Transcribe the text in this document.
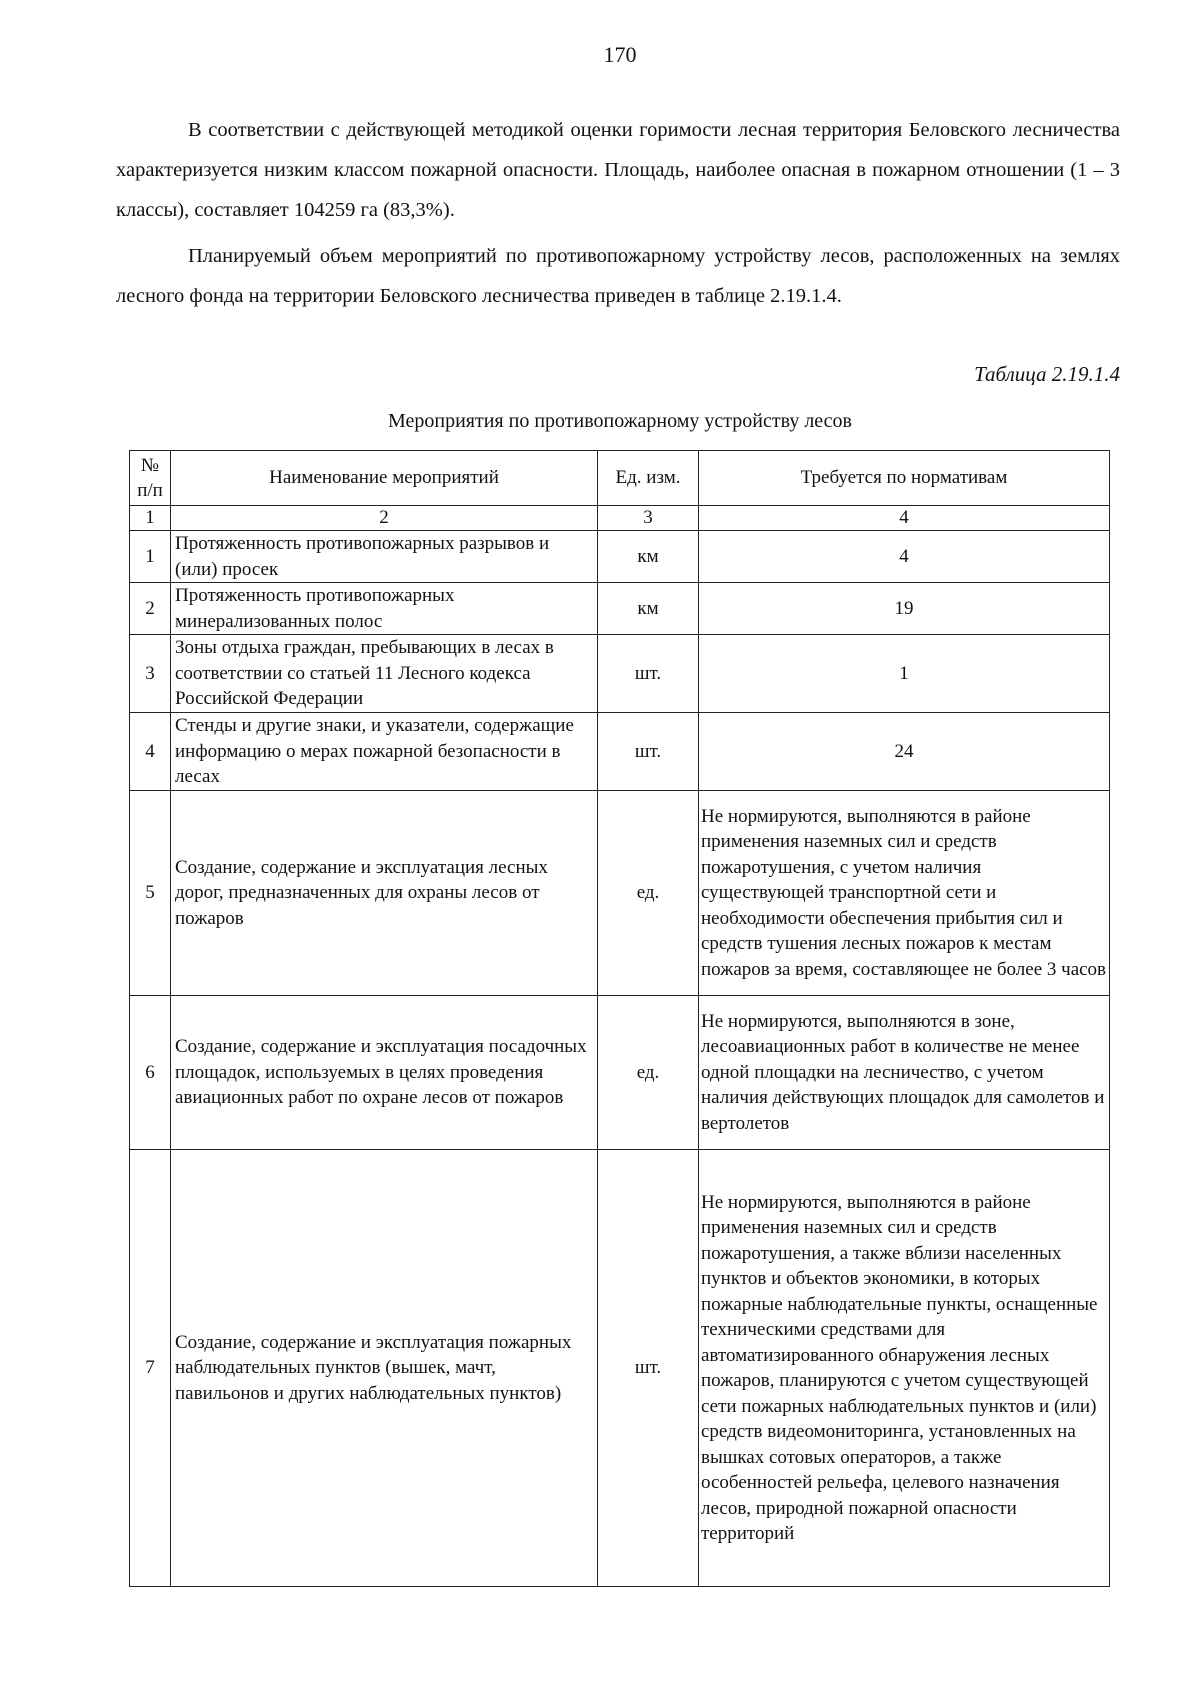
170

В соответствии с действующей методикой оценки горимости лесная территория Беловского лесничества характеризуется низким классом пожарной опасности. Площадь, наиболее опасная в пожарном отношении (1 – 3 классы), составляет 104259 га (83,3%).

Планируемый объем мероприятий по противопожарному устройству лесов, расположенных на землях лесного фонда на территории Беловского лесничества приведен в таблице 2.19.1.4.

Таблица 2.19.1.4
Мероприятия по противопожарному устройству лесов
№
п/п	Наименование мероприятий	Ед. изм.	Требуется по нормативам
1	2	3	4
1	Протяженность противопожарных разрывов и (или) просек	км	4
2	Протяженность противопожарных минерализованных полос	км	19
3	Зоны отдыха граждан, пребывающих в лесах в соответствии со статьей 11 Лесного кодекса Российской Федерации	шт.	1
4	Стенды и другие знаки, и указатели, содержащие информацию о мерах пожарной безопасности в лесах	шт.	24
5	Создание, содержание и эксплуатация лесных дорог, предназначенных для охраны лесов от пожаров	ед.	Не нормируются, выполняются в районе применения наземных сил и средств пожаротушения, с учетом наличия существующей транспортной сети и необходимости обеспечения прибытия сил и средств тушения лесных пожаров к местам пожаров за время, составляющее не более 3 часов
6	Создание, содержание и эксплуатация посадочных площадок, используемых в целях проведения авиационных работ по охране лесов от пожаров	ед.	Не нормируются, выполняются в зоне, лесоавиационных работ в количестве не менее одной площадки на лесничество, с учетом наличия действующих площадок для самолетов и вертолетов
7	Создание, содержание и эксплуатация пожарных наблюдательных пунктов (вышек, мачт, павильонов и других наблюдательных пунктов)	шт.	Не нормируются, выполняются в районе применения наземных сил и средств пожаротушения, а также вблизи населенных пунктов и объектов экономики, в которых пожарные наблюдательные пункты, оснащенные техническими средствами для автоматизированного обнаружения лесных пожаров, планируются с учетом существующей сети пожарных наблюдательных пунктов и (или) средств видеомониторинга, установленных на вышках сотовых операторов, а также особенностей рельефа, целевого назначения лесов, природной пожарной опасности территорий
